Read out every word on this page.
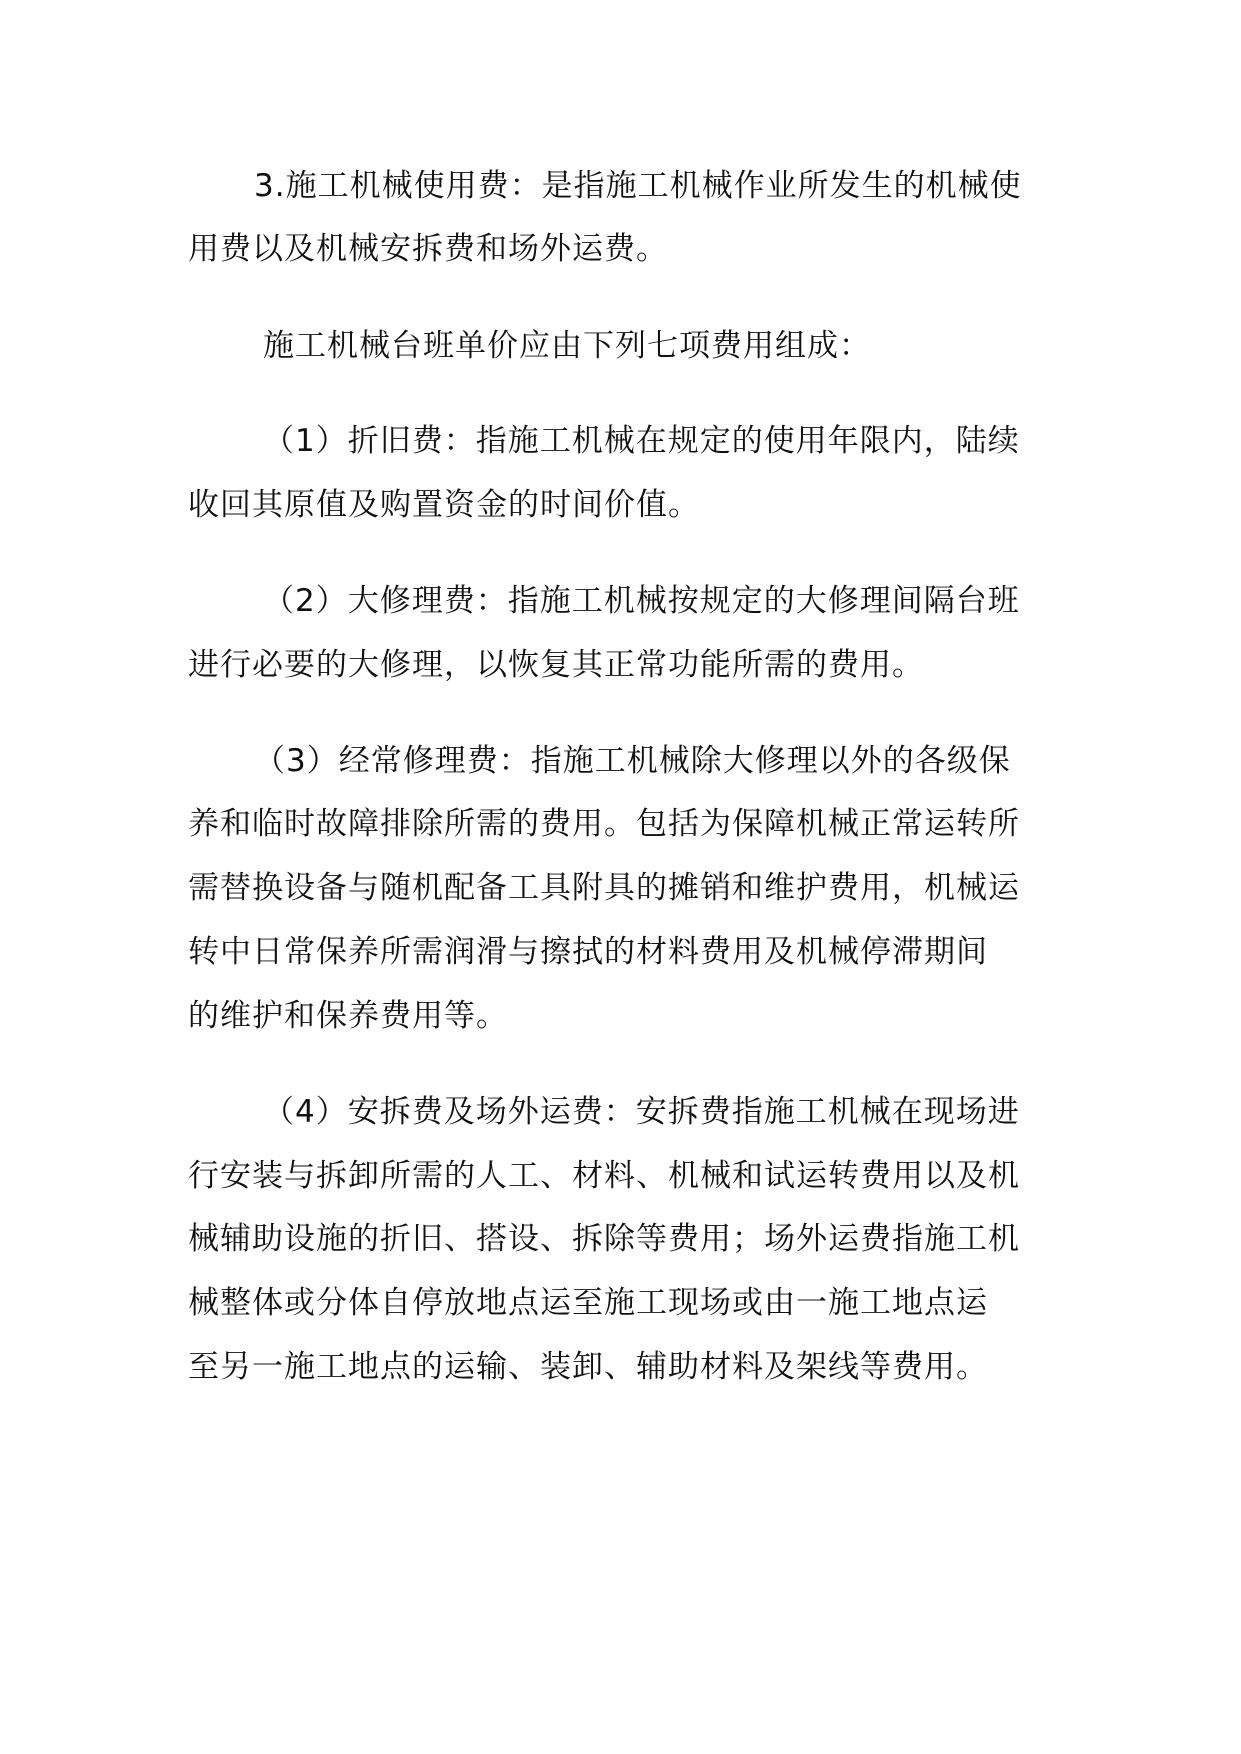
3.施工机械使用费：是指施工机械作业所发生的机械使
用费以及机械安拆费和场外运费。
施工机械台班单价应由下列七项费用组成：
（1）折旧费：指施工机械在规定的使用年限内，陆续
收回其原值及购置资金的时间价值。
（2）大修理费：指施工机械按规定的大修理间隔台班
进行必要的大修理，以恢复其正常功能所需的费用。
（3）经常修理费：指施工机械除大修理以外的各级保
养和临时故障排除所需的费用。包括为保障机械正常运转所
需替换设备与随机配备工具附具的摊销和维护费用，机械运
转中日常保养所需润滑与擦拭的材料费用及机械停滞期间
的维护和保养费用等。
（4）安拆费及场外运费：安拆费指施工机械在现场进
行安装与拆卸所需的人工、材料、机械和试运转费用以及机
械辅助设施的折旧、搭设、拆除等费用；场外运费指施工机
械整体或分体自停放地点运至施工现场或由一施工地点运
至另一施工地点的运输、装卸、辅助材料及架线等费用。
